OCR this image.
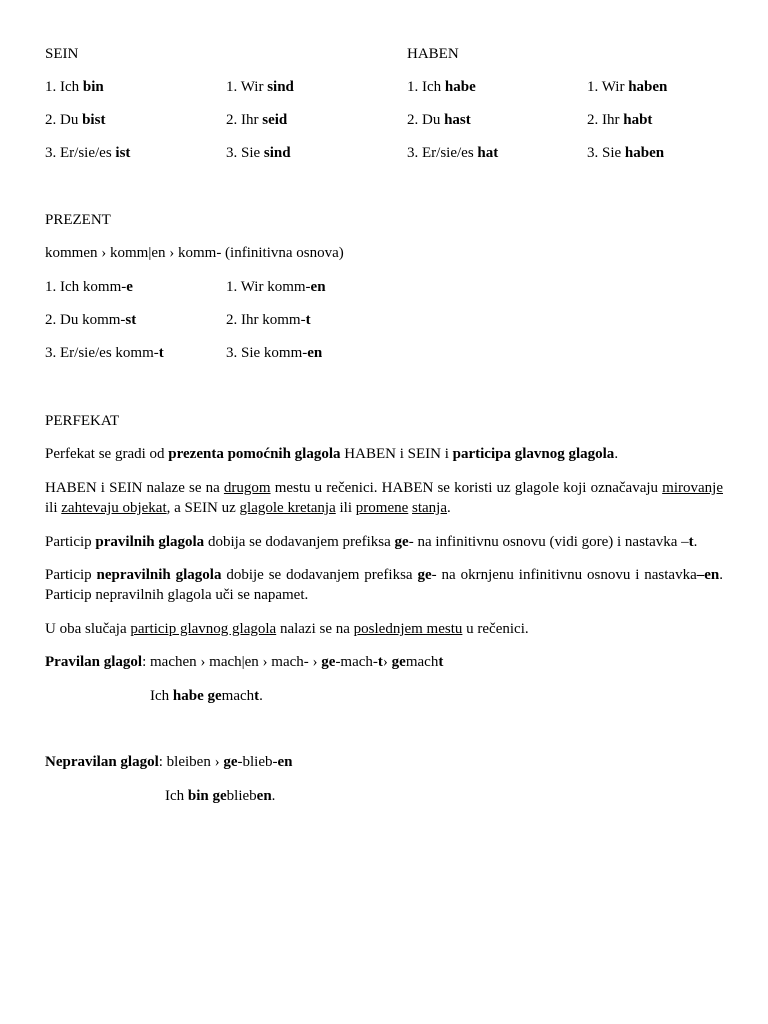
SEIN	HABEN
1. Ich bin	1. Wir sind	1. Ich habe	1. Wir haben
2. Du bist	2. Ihr seid	2. Du hast	2. Ihr habt
3. Er/sie/es ist	3. Sie sind	3. Er/sie/es hat	3. Sie haben
PREZENT
kommen › komm|en › komm- (infinitivna osnova)
1. Ich komm-e	1. Wir komm-en
2. Du komm-st	2. Ihr komm-t
3. Er/sie/es komm-t	3. Sie komm-en
PERFEKAT
Perfekat se gradi od prezenta pomoćnih glagola HABEN i SEIN i participa glavnog glagola.
HABEN i SEIN nalaze se na drugom mestu u rečenici. HABEN se koristi uz glagole koji označavaju mirovanje ili zahtevaju objekat, a SEIN uz glagole kretanja ili promene stanja.
Particip pravilnih glagola dobija se dodavanjem prefiksa ge- na infinitivnu osnovu (vidi gore) i nastavka –t.
Particip nepravilnih glagola dobije se dodavanjem prefiksa ge- na okrnjenu infinitivnu osnovu i nastavka–en. Particip nepravilnih glagola uči se napamet.
U oba slučaja particip glavnog glagola nalazi se na poslednjem mestu u rečenici.
Pravilan glagol: machen › mach|en › mach- › ge-mach-t› gemacht
Ich habe gemacht.
Nepravilan glagol: bleiben › ge-blieb-en
Ich bin geblieben.
